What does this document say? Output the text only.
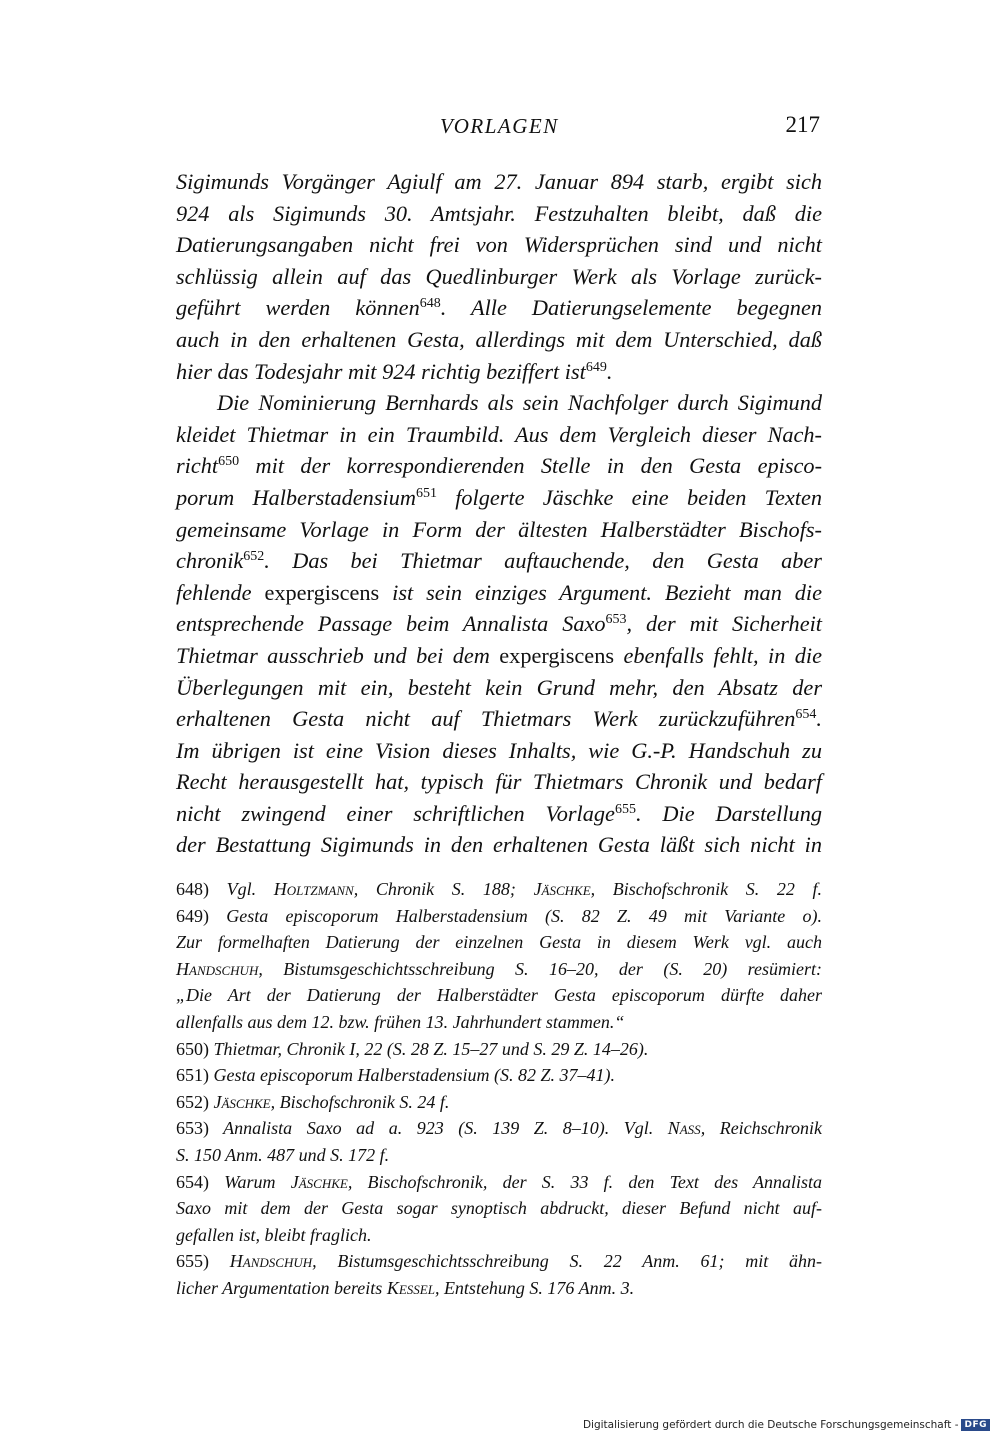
VORLAGEN	217
Sigimunds Vorgänger Agiulf am 27. Januar 894 starb, ergibt sich
924 als Sigimunds 30. Amtsjahr. Festzuhalten bleibt, daß die
Datierungsangaben nicht frei von Widersprüchen sind und nicht
schlüssig allein auf das Quedlinburger Werk als Vorlage zurück-
geführt werden können$^{648}$. Alle Datierungselemente begegnen
auch in den erhaltenen Gesta, allerdings mit dem Unterschied, daß
hier das Todesjahr mit 924 richtig beziffert ist$^{649}$.
Die Nominierung Bernhards als sein Nachfolger durch Sigimund
kleidet Thietmar in ein Traumbild. Aus dem Vergleich dieser Nach-
richt$^{650}$ mit der korrespondierenden Stelle in den Gesta episco-
porum Halberstadensium$^{651}$ folgerte Jäschke eine beiden Texten
gemeinsame Vorlage in Form der ältesten Halberstädter Bischofs-
chronik$^{652}$. Das bei Thietmar auftauchende, den Gesta aber
fehlende expergiscens ist sein einziges Argument. Bezieht man die
entsprechende Passage beim Annalista Saxo$^{653}$, der mit Sicherheit
Thietmar ausschrieb und bei dem expergiscens ebenfalls fehlt, in die
Überlegungen mit ein, besteht kein Grund mehr, den Absatz der
erhaltenen Gesta nicht auf Thietmars Werk zurückzuführen$^{654}$.
Im übrigen ist eine Vision dieses Inhalts, wie G.-P. Handschuh zu
Recht herausgestellt hat, typisch für Thietmars Chronik und bedarf
nicht zwingend einer schriftlichen Vorlage$^{655}$. Die Darstellung
der Bestattung Sigimunds in den erhaltenen Gesta läßt sich nicht in
648) Vgl. Holtzmann, Chronik S. 188; Jäschke, Bischofschronik S. 22 f.
649) Gesta episcoporum Halberstadensium (S. 82 Z. 49 mit Variante o).
Zur formelhaften Datierung der einzelnen Gesta in diesem Werk vgl. auch
Handschuh, Bistumsgeschichtsschreibung S. 16–20, der (S. 20) resümiert:
„Die Art der Datierung der Halberstädter Gesta episcoporum dürfte daher
allenfalls aus dem 12. bzw. frühen 13. Jahrhundert stammen.“
650) Thietmar, Chronik I, 22 (S. 28 Z. 15–27 und S. 29 Z. 14–26).
651) Gesta episcoporum Halberstadensium (S. 82 Z. 37–41).
652) Jäschke, Bischofschronik S. 24 f.
653) Annalista Saxo ad a. 923 (S. 139 Z. 8–10). Vgl. Nass, Reichschronik
S. 150 Anm. 487 und S. 172 f.
654) Warum Jäschke, Bischofschronik, der S. 33 f. den Text des Annalista
Saxo mit dem der Gesta sogar synoptisch abdruckt, dieser Befund nicht auf-
gefallen ist, bleibt fraglich.
655) Handschuh, Bistumsgeschichtsschreibung S. 22 Anm. 61; mit ähn-
licher Argumentation bereits Kessel, Entstehung S. 176 Anm. 3.
Digitalisierung gefördert durch die Deutsche Forschungsgemeinschaft - DFG
